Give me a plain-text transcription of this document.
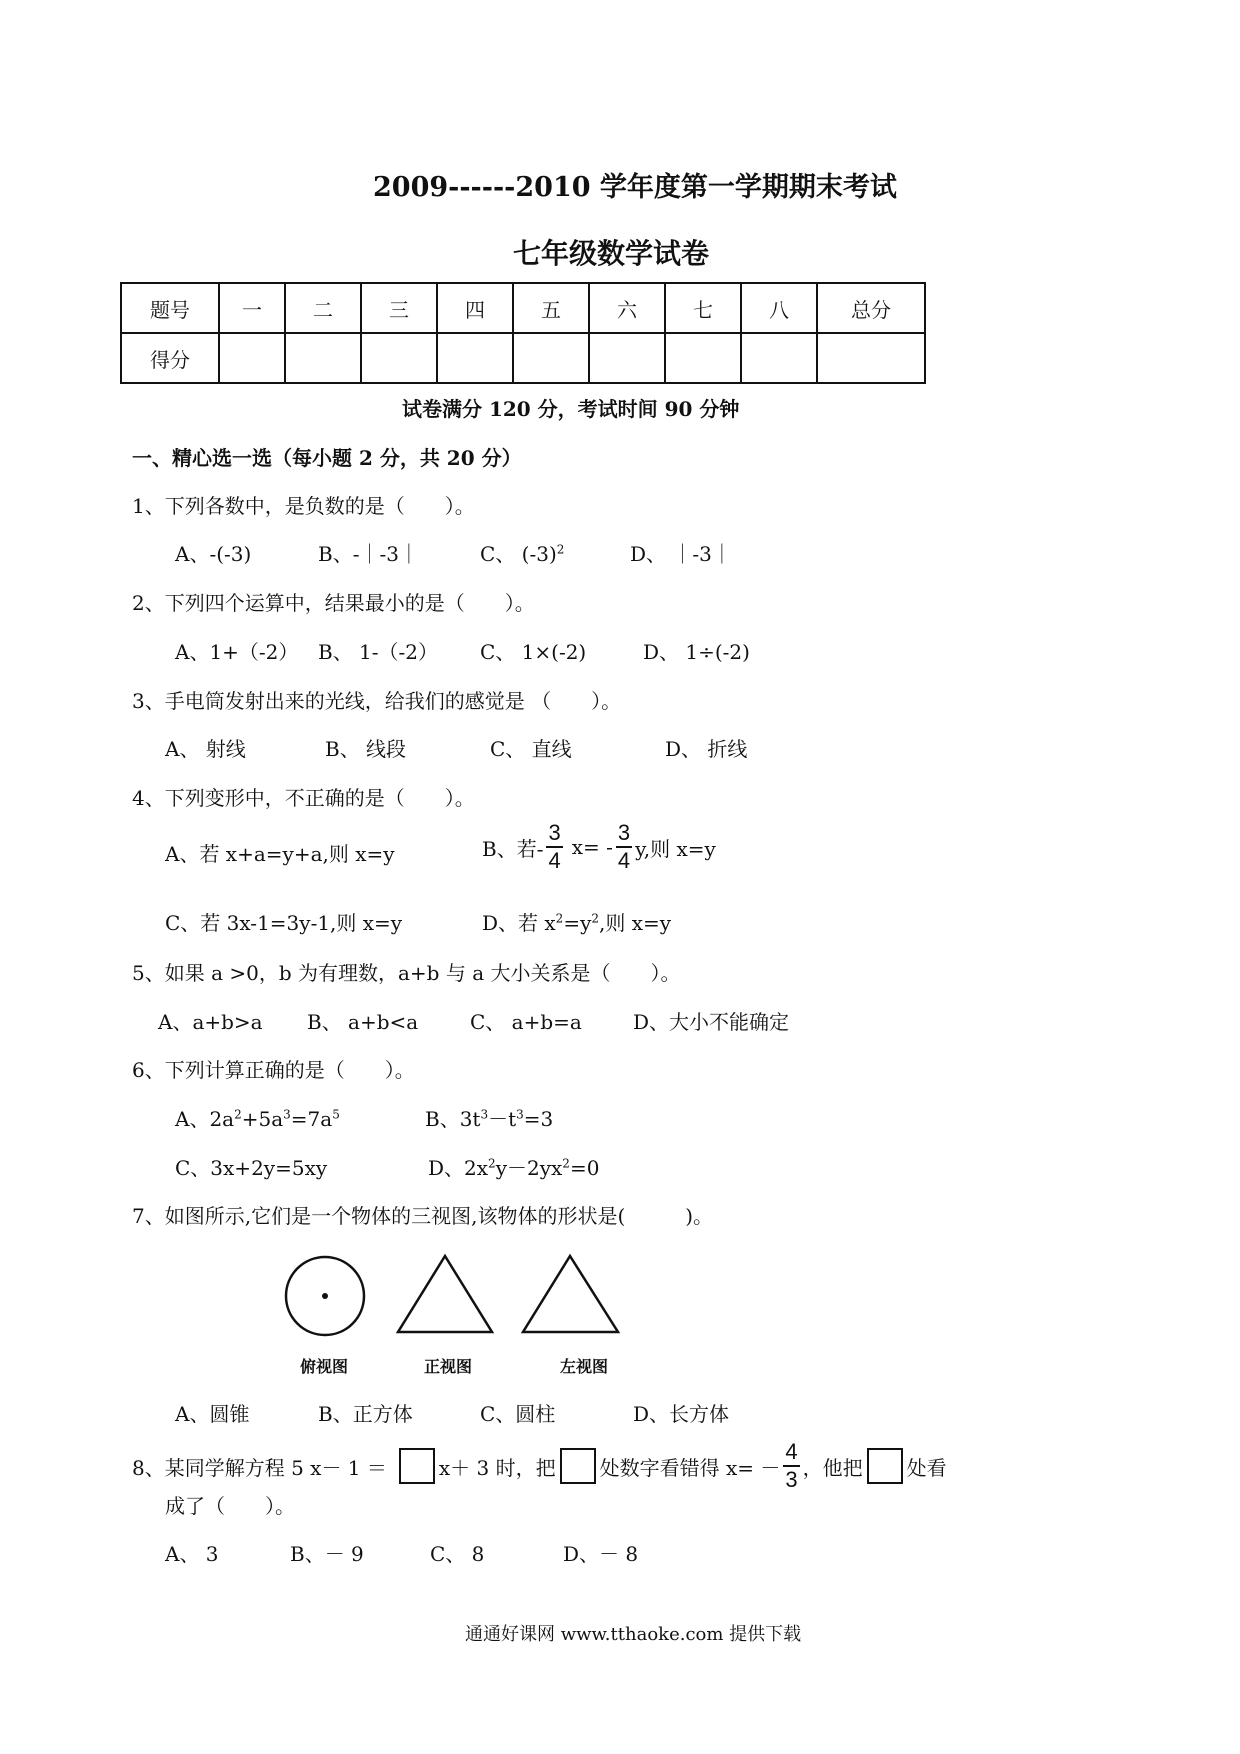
2009------2010 学年度第一学期期末考试
七年级数学试卷
题号	一	二	三	四	五	六	七	八	总分
得分									
试卷满分 120 分，考试时间 90 分钟
一、精心选一选（每小题 2 分，共 20 分）
1、下列各数中，是负数的是（　　）。
A、-(-3)	B、-｜-3｜	C、 $(-3)^2$	D、 ｜-3｜
2、下列四个运算中，结果最小的是（　　）。
A、1+（-2） B、 1-（-2） C、 1×(-2)	D、 1÷(-2)
3、手电筒发射出来的光线，给我们的感觉是 （　　）。
A、 射线	B、 线段	C、 直线	D、 折线
4、下列变形中，不正确的是（　　）。
A、若 x+a=y+a,则 x=y	B、若- $\frac{3}{4} x= - \frac{3}{4} y$,则 x=y
C、若 3x-1=3y-1,则 x=y	D、若 $x^2=y^2$,则 x=y
5、如果 a >0，b 为有理数，a+b 与 a 大小关系是（　　）。
A、a+b>a B、 a+b<a	C、 a+b=a	D、大小不能确定
6、下列计算正确的是（　　）。
A、$2a^2+5a^3=7a^5$	B、$3t^3-t^3=3$
C、3x+2y=5xy	D、$2x^2y-2yx^2=0$
7、如图所示,它们是一个物体的三视图,该物体的形状是(　　　)。
俯视图	正视图	左视图
A、圆锥	B、正方体	C、圆柱	D、长方体
8、某同学解方程 5 x－ 1 ＝	x＋ 3 时，把 处数字看错得 $x= - \frac{4}{3}$ ，他把 处看
成了（　　）。
A、 3	B、－ 9	C、 8	D、－ 8
通通好课网 www.tthaoke.com 提供下载
